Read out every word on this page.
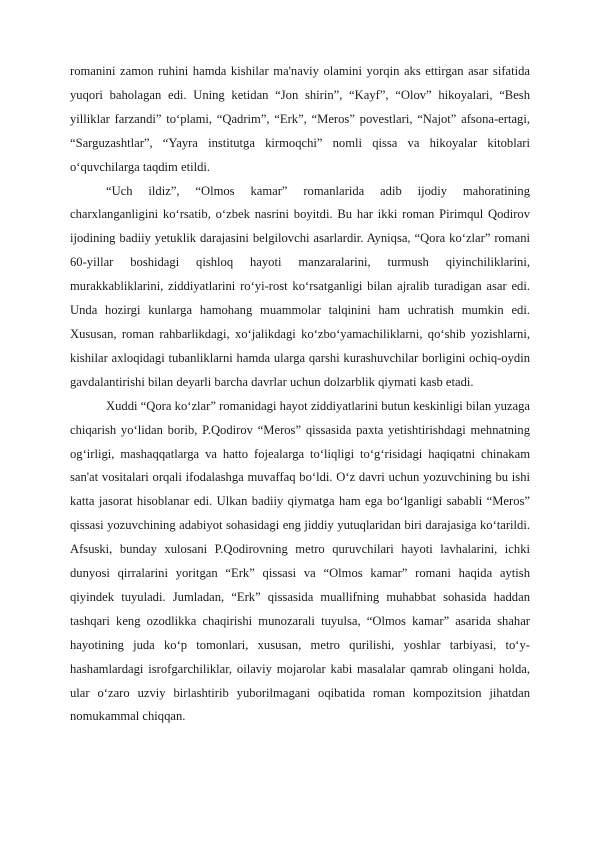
romanini zamon ruhini hamda kishilar ma'naviy olamini yorqin aks ettirgan asar sifatida yuqori baholagan edi. Uning ketidan “Jon shirin”, “Kayf”, “Olov” hikoyalari, “Besh yilliklar farzandi” to‘plami, “Qadrim”, “Erk”, “Meros” povestlari, “Najot” afsona-ertagi, “Sarguzashtlar”, “Yayra institutga kirmoqchi” nomli qissa va hikoyalar kitoblari o‘quvchilarga taqdim etildi.

“Uch ildiz”, “Olmos kamar” romanlarida adib ijodiy mahoratining charxlanganligini ko‘rsatib, o‘zbek nasrini boyitdi. Bu har ikki roman Pirimqul Qodirov ijodining badiiy yetuklik darajasini belgilovchi asarlardir. Ayniqsa, “Qora ko‘zlar” romani 60-yillar boshidagi qishloq hayoti manzaralarini, turmush qiyinchiliklarini, murakkabliklarini, ziddiyatlarini ro‘yi-rost ko‘rsatganligi bilan ajralib turadigan asar edi. Unda hozirgi kunlarga hamohang muammolar talqinini ham uchratish mumkin edi. Xususan, roman rahbarlikdagi, xo‘jalikdagi ko‘zbo‘yamachiliklarni, qo‘shib yozishlarni, kishilar axloqidagi tubanliklarni hamda ularga qarshi kurashuvchilar borligini ochiq-oydin gavdalantirishi bilan deyarli barcha davrlar uchun dolzarblik qiymati kasb etadi.

Xuddi “Qora ko‘zlar” romanidagi hayot ziddiyatlarini butun keskinligi bilan yuzaga chiqarish yo‘lidan borib, P.Qodirov “Meros” qissasida paxta yetishtirishdagi mehnatning og‘irligi, mashaqqatlarga va hatto fojealarga to‘liqligi to‘g‘risidagi haqiqatni chinakam san'at vositalari orqali ifodalashga muvaffaq bo‘ldi. O‘z davri uchun yozuvchining bu ishi katta jasorat hisoblanar edi. Ulkan badiiy qiymatga ham ega bo‘lganligi sababli “Meros” qissasi yozuvchining adabiyot sohasidagi eng jiddiy yutuqlaridan biri darajasiga ko‘tarildi. Afsuski, bunday xulosani P.Qodirovning metro quruvchilari hayoti lavhalarini, ichki dunyosi qirralarini yoritgan “Erk” qissasi va “Olmos kamar” romani haqida aytish qiyindek tuyuladi. Jumladan, “Erk” qissasida muallifning muhabbat sohasida haddan tashqari keng ozodlikka chaqirishi munozarali tuyulsa, “Olmos kamar” asarida shahar hayotining juda ko‘p tomonlari, xususan, metro qurilishi, yoshlar tarbiyasi, to‘y-hashamlardagi isrofgarchiliklar, oilaviy mojarolar kabi masalalar qamrab olingani holda, ular o‘zaro uzviy birlashtirib yuborilmagani oqibatida roman kompozitsion jihatdan nomukammal chiqqan.
